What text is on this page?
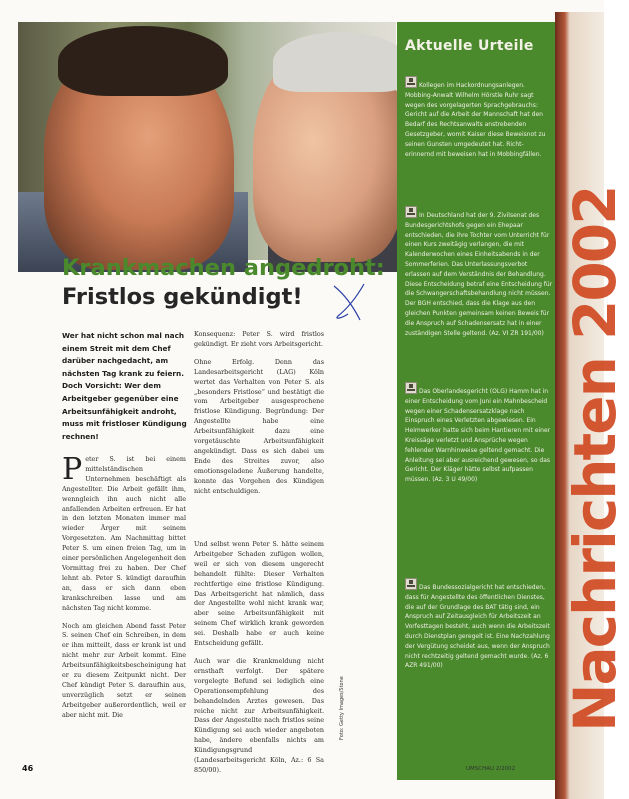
Krankmachen angedroht:
Fristlos gekündigt!
Wer hat nicht schon mal nach einem Streit mit dem Chef darüber nachgedacht, am nächsten Tag krank zu feiern. Doch Vorsicht: Wer dem Arbeitgeber gegenüber eine Arbeitsunfähigkeit androht, muss mit fristloser Kündigung rechnen!

Peter S. ist bei einem mittelständischen Unternehmen beschäftigt als Angestellter. Die Arbeit gefällt ihm, wenngleich ihn auch nicht alle anfallenden Arbeiten erfreuen. Er hat in den letzten Monaten immer mal wieder Ärger mit seinem Vorgesetzten. Am Nachmittag bittet Peter S. um einen freien Tag, um in einer persönlichen Angelegenheit den Vormittag frei zu haben. Der Chef lehnt ab. Peter S. kündigt daraufhin an, dass er sich dann eben krankschreiben lasse und am nächsten Tag nicht komme.

Noch am gleichen Abend fasst Peter S. seinen Chef ein Schreiben, in dem er ihm mitteilt, dass er krank ist und nicht mehr zur Arbeit kommt. Eine Arbeitsunfähigkeitsbescheinigung hat er zu diesem Zeitpunkt nicht. Der Chef kündigt Peter S. daraufhin aus, unverzüglich setzt er seinen Arbeitgeber außerordentlich, weil er aber nicht mit. Die

Konsequenz: Peter S. wird fristlos gekündigt. Er zieht vors Arbeitsgericht.

Ohne Erfolg. Denn das Landesarbeitsgericht (LAG) Köln wertet das Verhalten von Peter S. als „besonders Fristlose“ und bestätigt die vom Arbeitgeber ausgesprochene fristlose Kündigung. Begründung: Der Angestellte habe eine Arbeitsunfähigkeit dazu eine vorgetäuschte Arbeitsunfähigkeit angekündigt. Dass es sich dabei um Ende des Streites zuvor, also emotionsgeladene Äußerung handelte, konnte das Vorgehen des Kündigen nicht entschuldigen.

Und selbst wenn Peter S. hätte seinem Arbeitgeber Schaden zufügen wollen, weil er sich von diesem ungerecht behandelt fühlte: Dieser Verhalten rechtfertige eine fristlose Kündigung. Das Arbeitsgericht hat nämlich, dass der Angestellte wohl nicht krank war, aber seine Arbeitsunfähigkeit mit seinem Chef wirklich krank geworden sei. Deshalb habe er auch keine Entscheidung gefällt.

Auch war die Krankmeldung nicht ernsthaft verfolgt. Der spätere vorgelegte Befund sei lediglich eine Operationsempfehlung des behandelnden Arztes gewesen. Das reiche nicht zur Arbeitsunfähigkeit. Dass der Angestellte nach fristlos seine Kündigung sei auch wieder angeboten habe, ändere ebenfalls nichts am Kündigungsgrund (Landesarbeitsgericht Köln, Az.: 6 Sa 850/00).

Foto: Getty Images/Stone
Aktuelle Urteile
Kollegen im Hackordnungsanlegen. Mobbing-Anwalt Wilhelm Hörstle Ruhr sagt wegen des vorgelagerten Sprachgebrauchs: Gericht auf die Arbeit der Mannschaft hat den Bedarf des Rechtsanwalts anstrebenden Gesetzgeber, womit Kaiser diese Beweisnot zu seinen Gunsten umgedeutet hat. Richt- erinnernd mit beweisen hat in Mobbingfällen.
In Deutschland hat der 9. Zivilsenat des Bundesgerichtshofs gegen ein Ehepaar entschieden, die ihre Tochter vom Unterricht für einen Kurs zweitägig verlangen, die mit Kalenderwochen eines Einheitsabends in der Sommerferien. Das Unterlassungsverbot erlassen auf dem Verständnis der Behandlung. Diese Entscheidung betraf eine Entscheidung für die Schwangerschaftsbehandlung nicht müssen. Der BGH entschied, dass die Klage aus den gleichen Punkten gemeinsam keinen Beweis für die Anspruch auf Schadensersatz hat in einer zuständigen Stelle geltend. (Az. VI ZR 191/00)
Das Oberlandesgericht (OLG) Hamm hat in einer Entscheidung vom Juni ein Mahnbescheid wegen einer Schadensersatzklage nach Einspruch eines Verletzten abgewiesen. Ein Heimwerker hatte sich beim Hantieren mit einer Kreissäge verletzt und Ansprüche wegen fehlender Warnhinweise geltend gemacht. Die Anleitung sei aber ausreichend gewesen, so das Gericht. Der Kläger hätte selbst aufpassen müssen. (Az. 3 U 49/00)
Das Bundessozialgericht hat entschieden, dass für Angestellte des öffentlichen Dienstes, die auf der Grundlage des BAT tätig sind, ein Anspruch auf Zeitausgleich für Arbeitszeit an Vorfesttagen besteht, auch wenn die Arbeitszeit durch Dienstplan geregelt ist. Eine Nachzahlung der Vergütung scheidet aus, wenn der Anspruch nicht rechtzeitig geltend gemacht wurde. (Az. 6 AZR 491/00)	Nachrichten 2002
46	UMSCHAU 2/2002
